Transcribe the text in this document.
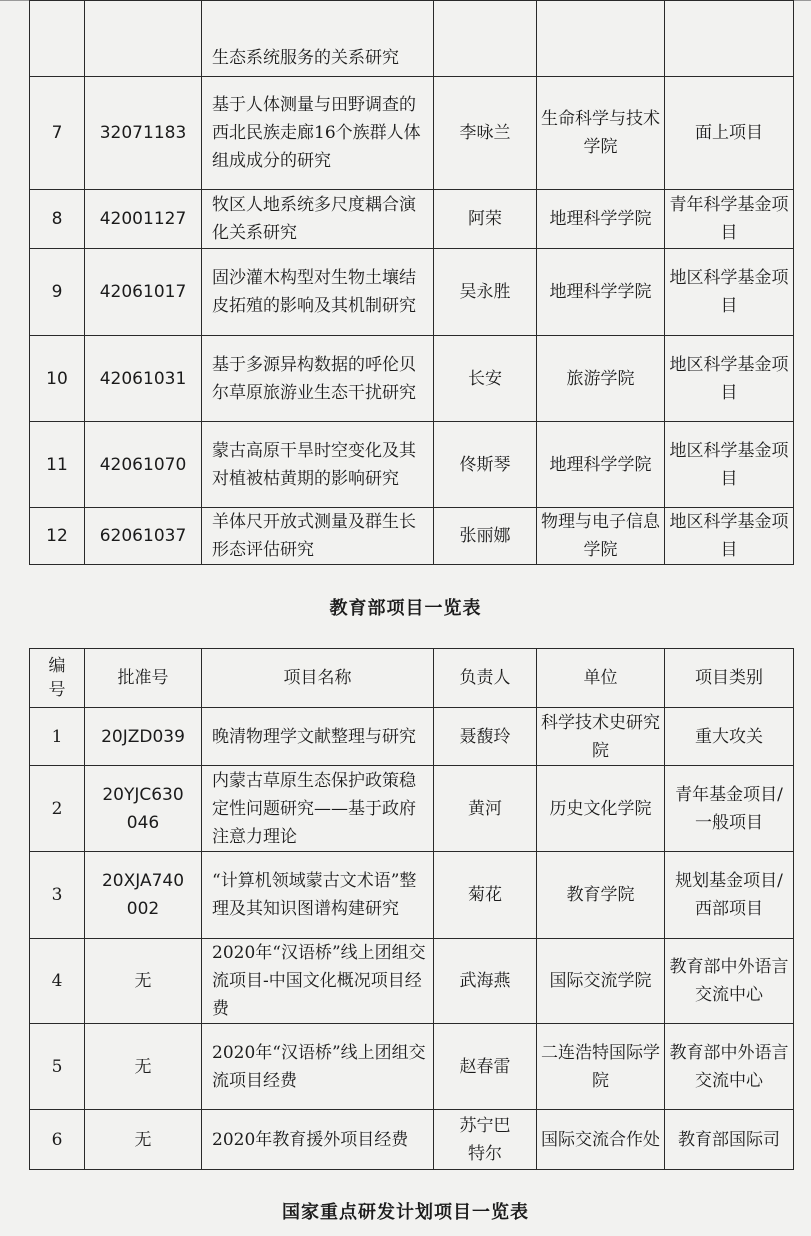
		生态系统服务的关系研究			
7	32071183	基于人体测量与田野调查的西北民族走廊16个族群人体组成成分的研究	李咏兰	生命科学与技术学院	面上项目
8	42001127	牧区人地系统多尺度耦合演化关系研究	阿荣	地理科学学院	青年科学基金项目
9	42061017	固沙灌木构型对生物土壤结皮拓殖的影响及其机制研究	吴永胜	地理科学学院	地区科学基金项目
10	42061031	基于多源异构数据的呼伦贝尔草原旅游业生态干扰研究	长安	旅游学院	地区科学基金项目
11	42061070	蒙古高原干旱时空变化及其对植被枯黄期的影响研究	佟斯琴	地理科学学院	地区科学基金项目
12	62061037	羊体尺开放式测量及群生长形态评估研究	张丽娜	物理与电子信息学院	地区科学基金项目
教育部项目一览表
编号	批准号	项目名称	负责人	单位	项目类别
1	20JZD039	晚清物理学文献整理与研究	聂馥玲	科学技术史研究院	重大攻关
2	20YJC630046	内蒙古草原生态保护政策稳定性问题研究——基于政府注意力理论	黄河	历史文化学院	青年基金项目/一般项目
3	20XJA740002	“计算机领域蒙古文术语”整理及其知识图谱构建研究	菊花	教育学院	规划基金项目/西部项目
4	无	2020年“汉语桥”线上团组交流项目-中国文化概况项目经费	武海燕	国际交流学院	教育部中外语言交流中心
5	无	2020年“汉语桥”线上团组交流项目经费	赵春雷	二连浩特国际学院	教育部中外语言交流中心
6	无	2020年教育援外项目经费	苏宁巴特尔	国际交流合作处	教育部国际司
国家重点研发计划项目一览表
